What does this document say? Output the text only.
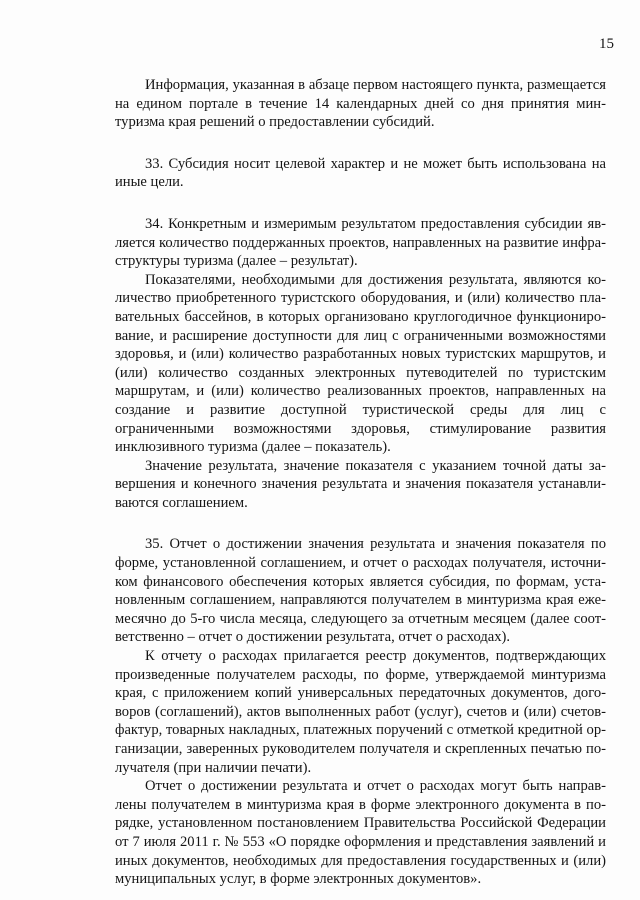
15

Информация, указанная в абзаце первом настоящего пункта, размещается на едином портале в течение 14 календарных дней со дня принятия минтуризма края решений о предоставлении субсидий.

33. Субсидия носит целевой характер и не может быть использована на иные цели.

34. Конкретным и измеримым результатом предоставления субсидии является количество поддержанных проектов, направленных на развитие инфраструктуры туризма (далее – результат).

Показателями, необходимыми для достижения результата, являются количество приобретенного туристского оборудования, и (или) количество плавательных бассейнов, в которых организовано круглогодичное функционирование, и расширение доступности для лиц с ограниченными возможностями здоровья, и (или) количество разработанных новых туристских маршрутов, и (или) количество созданных электронных путеводителей по туристским маршрутам, и (или) количество реализованных проектов, направленных на создание и развитие доступной туристической среды для лиц с ограниченными возможностями здоровья, стимулирование развития инклюзивного туризма (далее – показатель).

Значение результата, значение показателя с указанием точной даты завершения и конечного значения результата и значения показателя устанавливаются соглашением.

35. Отчет о достижении значения результата и значения показателя по форме, установленной соглашением, и отчет о расходах получателя, источником финансового обеспечения которых является субсидия, по формам, установленным соглашением, направляются получателем в минтуризма края ежемесячно до 5-го числа месяца, следующего за отчетным месяцем (далее соответственно – отчет о достижении результата, отчет о расходах).

К отчету о расходах прилагается реестр документов, подтверждающих произведенные получателем расходы, по форме, утверждаемой минтуризма края, с приложением копий универсальных передаточных документов, договоров (соглашений), актов выполненных работ (услуг), счетов и (или) счетов-фактур, товарных накладных, платежных поручений с отметкой кредитной организации, заверенных руководителем получателя и скрепленных печатью получателя (при наличии печати).

Отчет о достижении результата и отчет о расходах могут быть направлены получателем в минтуризма края в форме электронного документа в порядке, установленном постановлением Правительства Российской Федерации от 7 июля 2011 г. № 553 «О порядке оформления и представления заявлений и иных документов, необходимых для предоставления государственных и (или) муниципальных услуг, в форме электронных документов».
